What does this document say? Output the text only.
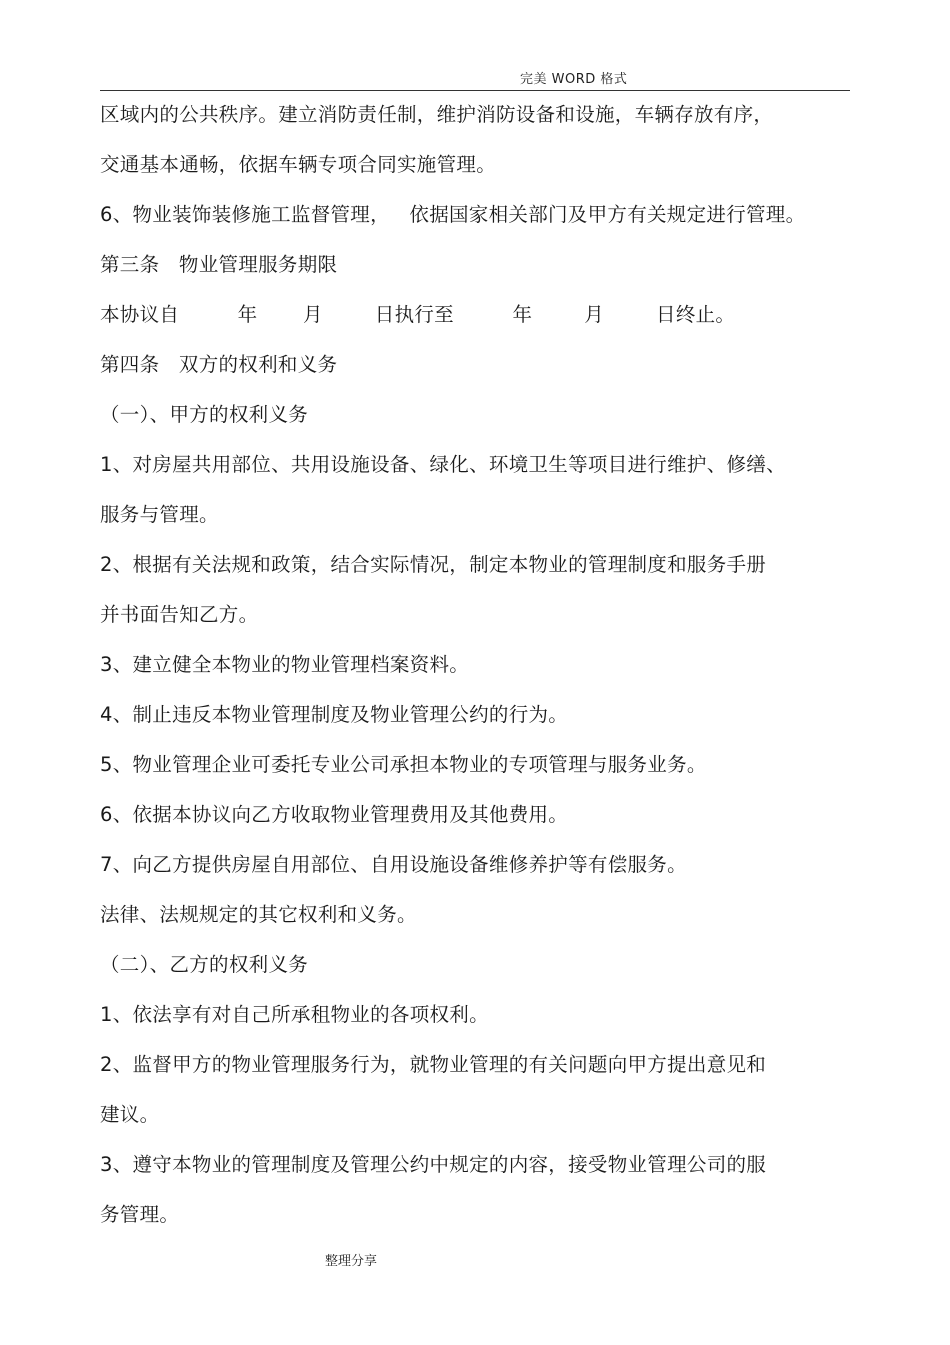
完美 WORD 格式
区域内的公共秩序。建立消防责任制，维护消防设备和设施，车辆存放有序，
交通基本通畅，依据车辆专项合同实施管理。
6、物业装饰装修施工监督管理，   依据国家相关部门及甲方有关规定进行管理。
第三条   物业管理服务期限
本协议自         年       月        日执行至         年        月        日终止。
第四条   双方的权利和义务
（一）、甲方的权利义务
1、对房屋共用部位、共用设施设备、绿化、环境卫生等项目进行维护、修缮、
服务与管理。
2、根据有关法规和政策，结合实际情况，制定本物业的管理制度和服务手册
并书面告知乙方。
3、建立健全本物业的物业管理档案资料。
4、制止违反本物业管理制度及物业管理公约的行为。
5、物业管理企业可委托专业公司承担本物业的专项管理与服务业务。
6、依据本协议向乙方收取物业管理费用及其他费用。
7、向乙方提供房屋自用部位、自用设施设备维修养护等有偿服务。
法律、法规规定的其它权利和义务。
（二）、乙方的权利义务
1、依法享有对自己所承租物业的各项权利。
2、监督甲方的物业管理服务行为，就物业管理的有关问题向甲方提出意见和
建议。
3、遵守本物业的管理制度及管理公约中规定的内容，接受物业管理公司的服
务管理。
整理分享
